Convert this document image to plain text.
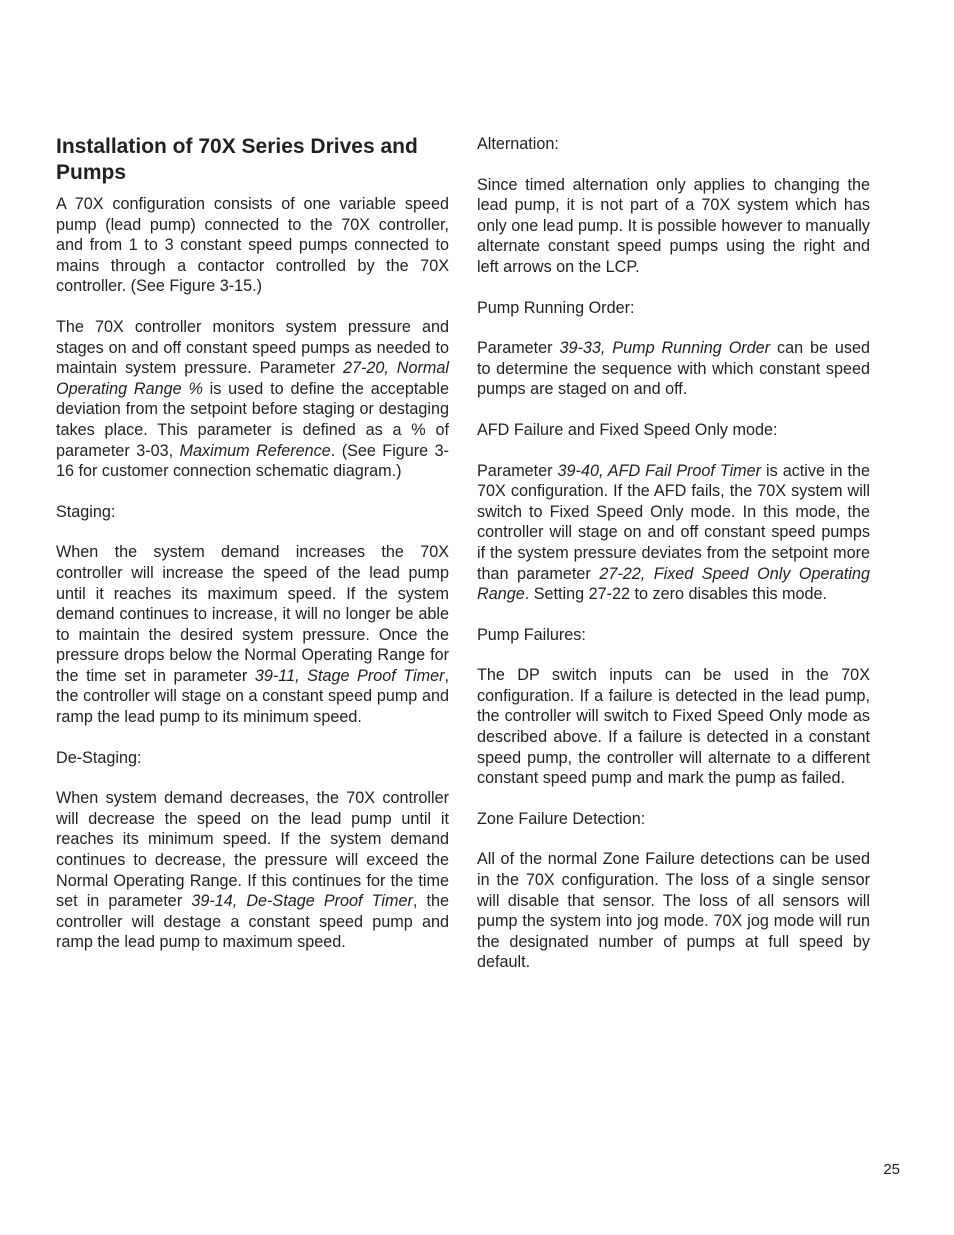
Installation of 70X Series Drives and Pumps

A 70X configuration consists of one variable speed pump (lead pump) connected to the 70X controller, and from 1 to 3 constant speed pumps connected to mains through a contactor controlled by the 70X controller. (See Figure 3-15.)

The 70X controller monitors system pressure and stages on and off constant speed pumps as needed to maintain system pressure. Parameter 27-20, Normal Operating Range % is used to define the acceptable deviation from the setpoint before staging or destaging takes place. This parameter is defined as a % of parameter 3-03, Maximum Reference. (See Figure 3-16 for customer connection schematic diagram.)

Staging:

When the system demand increases the 70X controller will increase the speed of the lead pump until it reaches its maximum speed. If the system demand continues to increase, it will no longer be able to maintain the desired system pressure. Once the pressure drops below the Normal Operating Range for the time set in parameter 39-11, Stage Proof Timer, the controller will stage on a constant speed pump and ramp the lead pump to its minimum speed.

De-Staging:

When system demand decreases, the 70X controller will decrease the speed on the lead pump until it reaches its minimum speed. If the system demand continues to decrease, the pressure will exceed the Normal Operating Range. If this continues for the time set in parameter 39-14, De-Stage Proof Timer, the controller will destage a constant speed pump and ramp the lead pump to maximum speed.

Alternation:

Since timed alternation only applies to changing the lead pump, it is not part of a 70X system which has only one lead pump. It is possible however to manually alternate constant speed pumps using the right and left arrows on the LCP.

Pump Running Order:

Parameter 39-33, Pump Running Order can be used to determine the sequence with which constant speed pumps are staged on and off.

AFD Failure and Fixed Speed Only mode:

Parameter 39-40, AFD Fail Proof Timer is active in the 70X configuration. If the AFD fails, the 70X system will switch to Fixed Speed Only mode. In this mode, the controller will stage on and off constant speed pumps if the system pressure deviates from the setpoint more than parameter 27-22, Fixed Speed Only Operating Range. Setting 27-22 to zero disables this mode.

Pump Failures:

The DP switch inputs can be used in the 70X configuration. If a failure is detected in the lead pump, the controller will switch to Fixed Speed Only mode as described above. If a failure is detected in a constant speed pump, the controller will alternate to a different constant speed pump and mark the pump as failed.

Zone Failure Detection:

All of the normal Zone Failure detections can be used in the 70X configuration. The loss of a single sensor will disable that sensor. The loss of all sensors will pump the system into jog mode. 70X jog mode will run the designated number of pumps at full speed by default.

25
